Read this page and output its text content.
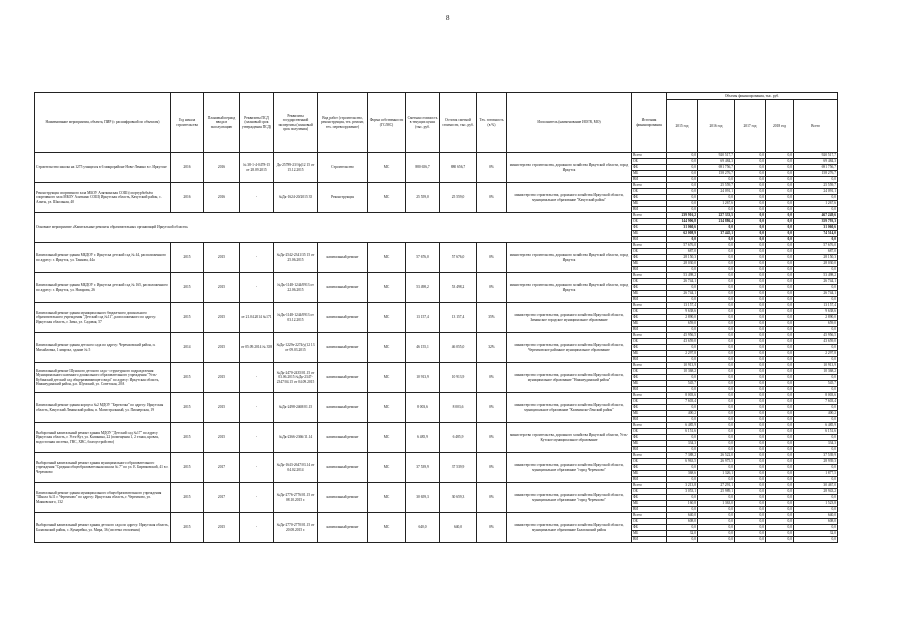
8
Наименование мероприятия, объекта, ПИР (с расшифровкой по объектам)	Год начала строительства	Плановый период ввода в эксплуатацию	Реквизиты ПСД (плановый срок утверждения ПСД)	Реквизиты государственной экспертизы (плановый срок получения)	Вид работ (строительство, реконструкция, тех. ремонт, тех. перевооружение)	Форма собственности (ГС/МС)	Сметная стоимость в текущих ценах (тыс. руб.	Остаток сметной стоимости, тыс. руб.	Тех. готовность (в %)	Исполнитель (наименование ИОГВ, МО)	Источник финансирования	Объемы финансирования, тыс. руб.				
												2015 год	2016 год	2017 год	2018 год	Всего
Строительство школы на 1275 учащихся в 6 микрорайоне Ново-Ленино в г. Иркутске	2016	2016	№ 38-1-4-0478-15 от 28.09.2015	Дк-25789-23?/ф(12 15 от 15.12.2015	Строительство	МС	880 656,7	880 656,7	0%	министерство строительства, дорожного хозяйства Иркутской области, город Иркутск	Всего	0,0	920 517,7	0,0	0,0	920 517,7
											ОБ	0,0	69 484,3	0,0	0,0	69 484,3
											ФБ	0,0	691 756,7	0,0	0,0	691 756,7
											МБ	0,0	158 276,7	0,0	0,0	158 276,7
											ВИ	0,0	0,0	0,0	0,0	0,0
Реконструкция спортивного зала МБОУ Аляткинская СОШ (спортурбобьём спортивного зала МБОУ Аляткинс СОШ) Иркутская область, Качугский район, с. Аляты, ул. Школьная, 40	2016	2016	-	№Дк-1624-20/2015 35	Реконструкция	МС	25 559,0	25 559,0	0%	министерство строительства, дорожного хозяйства Иркутской области, муниципальное образование "Качугский район"	Всего	0,0	25 559,7	0,0	0,0	25 559,7
											ОБ	0,0	24 091,1	0,0	0,0	24 091,1
											ФБ	0,0	0,0	0,0	0,0	0,0
											МБ	0,0	1 267,6	0,0	0,0	1 267,6
											ВИ	0,0	0,0	0,0	0,0	0,0
Основное мероприятие «Капитальные ремонты образовательных организаций Иркутской области»											Всего	239 916,2	227 333,5	0,0	0,0	467 249,6
											ОБ	144 906,8	214 886,4	0,0	0,0	359 793,3
											ФБ	31 060,6	0,0	0,0	0,0	31 060,6
											МБ	62 008,9	37 445,1	0,0	0,0	74 514,0
											ВИ	0,0	0,0	0,0	0,0	0,0
Капитальный ремонт здания МБДОУ г. Иркутска детский сад № 44, расположенного по адресу: г. Иркутск, ул. Танкова, 44а	2015	2015	-	№Дк-2542-2341/35 15 от 25.06.2015	капитальный ремонт	МС	57 676,0	57 676,0	0%	министерство строительства, дорожного хозяйства Иркутской области, город Иркутск	Всего	57 676,0	0,0	0,0	0,0	57 676,0
											ОБ	687,0	0,0	0,0	0,0	687,0
											ФБ	28 150,3	0,0	0,0	0,0	28 150,3
											МБ	28 030,0	0,0	0,0	0,0	28 030,0
											ВИ	0,0	0,0	0,0	0,0	0,0
Капитальный ремонт здания МБДОУ г. Иркутска детский сад № 165, расположенного по адресу: г. Иркутск, ул. Назарова, 26	2015	2015	-	№Дк-1148-1244/0913 от 22.06.2015	капитальный ремонт	МС	53 498,2	53 498,2	0%	министерство строительства, дорожного хозяйства Иркутской области, город Иркутск	Всего	53 498,2	0,0	0,0	0,0	53 498,2
											ОБ	26 744,1	0,0	0,0	0,0	26 744,1
											ФБ	0,0	0,0	0,0	0,0	0,0
											МБ	26 744,1	0,0	0,0	0,0	26 744,1
											ВИ	0,0	0,0	0,0	0,0	0,0
Капитальный ремонт здания муниципального бюджетного дошкольного образовательного учреждения "Детский сад №11", расположенного по адресу: Иркутская область, г. Зима, ул. Садовая, 57	2015	2015	от 21.04.2014 №171	№Дк-1148-1244/0913 от 03.12.2015	капитальный ремонт	МС	13 157,4	13 157,4	35%	министерство строительства, дорожного хозяйства Иркутской области, Зиминское городское муниципальное образование	Всего	13 157,4	0,0	0,0	0,0	13 157,4
											ОБ	9 638,6	0,0	0,0	0,0	9 638,6
											ФБ	2 890,0	0,0	0,0	0,0	2 890,0
											МБ	659,0	0,0	0,0	0,0	659,0
											ВИ	0,0	0,0	0,0	0,0	0,0
Капитальный ремонт здания детского сада по адресу: Черемховский район, п. Михайловка, 1 квартал, здание № 5	2014	2015	от 05.09.2014 № 358	№Дк-1229э-2274/у(12 13 от 09.03.2015	капитальный ремонт	МС	46 155,1	46 055,0	32%	министерство строительства, дорожного хозяйства Иркутской области, Черемховское районное муниципальное образование	Всего	45 956,5	0,0	0,0	0,0	45 956,5
											ОБ	43 659,0	0,0	0,0	0,0	43 659,0
											ФБ	0,0	0,0	0,0	0,0	0,0
											МБ	2 297,8	0,0	0,0	0,0	2 297,8
											ВИ	0,0	0,0	0,0	0,0	0,0
Капитальный ремонт Шунского детского сада - структурного подразделения Муниципального казенного дошкольного образовательного учреждения "Усть-Кубинский детский сад общеразвивающего вида" по адресу: Иркутская область, Нижнеудинский район, р.п. Шумский, ул. Советская, 20А	2015	2015	-	№Дк-2470-2435/01.15 от 03.06.2015 №Дк-2347-2347/04.15 от 04.09.2015	капитальный ремонт	МС	10 913,9	10 913,9	0%	министерство строительства, дорожного хозяйства Иркутской области, муниципальное образование "Нижнеудинский район"	Всего	10 913,9	0,0	0,0	0,0	10 913,9
											ОБ	10 368,2	0,0	0,0	0,0	10 368,2
											ФБ	0,0	0,0	0,0	0,0	0,0
											МБ	545,7	0,0	0,0	0,0	545,7
											ВИ	0,0	0,0	0,0	0,0	0,0
Капитальный ремонт здания корпуса №2 МДОУ "Березочка" по адресу: Иркутская область, Качугский Ленинский район, п. Магистральный, ул. Пионерская, 19	2015	2015	-	№Дк-2498-2468/01.15	капитальный ремонт	МС	8 003,6	8 003,6	0%	министерство строительства, дорожного хозяйства Иркутской области, муниципальное образование "Казачинско-Ленский район"	Всего	8 003,6	0,0	0,0	0,0	8 003,6
											ОБ	7 603,4	0,0	0,0	0,0	7 603,4
											ФБ	0,0	0,0	0,0	0,0	0,0
											МБ	400,2	0,0	0,0	0,0	400,2
											ВИ	0,0	0,0	0,0	0,0	0,0
Выборочный капитальный ремонт здания МДОУ "Детский сад №17" по адресу Иркутская область, г. Усть-Кут, ул. Калинина, 22 (помещения 1, 2 этажа, кровля, водосточная система, ГВС, ХВС, благоустройство)	2015	2015	-	№Дк-2366-2366/11.14	капитальный ремонт	МС	6 485,9	6 485,9	0%	министерство строительства, дорожного хозяйства Иркутской области, Усть-Кутское муниципальное образование	Всего	6 485,9	0,0	0,0	0,0	6 485,9
											ОБ	6 151,6	0,0	0,0	0,0	6 151,6
											ФБ	0,0	0,0	0,0	0,0	0,0
											МБ	334,3	0,0	0,0	0,0	334,3
											ВИ	0,0	0,0	0,0	0,0	0,0
Выборочный капитальный ремонт здания муниципального образовательного учреждения "Средняя общеобразовательная школа № 7" по ул. Е. Бирюковской, 41 в г. Черемхово	2015	2017	-	№Дк-1643-2647/03.14 от 04.02.2014	капитальный ремонт	МС	37 539,9	37 539,9	0%	министерство строительства, дорожного хозяйства Иркутской области, муниципальное образование "город Черемхово"	Всего	7 388,2	26 522,0	0,0	0,0	37 539,9
											ОБ	6 963,5	26 975,5	0,0	0,0	28 939,3
											ФБ	0,0	0,0	0,0	0,0	0,0
											МБ	368,6	1 326,1	0,0	0,0	1 877,5
											ВИ	0,0	0,0	0,0	0,0	0,0
Капитальный ремонт здания муниципального общеобразовательного учреждения "Школа №11 г. Черемхово" по адресу: Иркутская область, г. Черемхово, ул. Маяковского, 132	2015	2017	-	№Дк-2776-2776/01.15 от 08.10.2015 г.	капитальный ремонт	МС	30 659,3	30 659,3	0%	министерство строительства, дорожного хозяйства Иркутской области, муниципальное образование "город Черемхово"	Всего	3 213,8	27 291,1	0,0	0,0	30 467,0
											ОБ	3 053,1	25 989,1	0,0	0,0	28 943,2
											ФБ	0,0	0,0	0,0	0,0	0,0
											МБ	160,8	1 363,0	0,0	0,0	1 523,8
											ВИ	0,0	0,0	0,0	0,0	0,0
Выборочный капитальный ремонт здания детского сада по адресу: Иркутская область, Балаганский район, с. Кумарейка, ул. Мира, 36 (система отопления)	2015	2015	-	№Дк-2770-2770/01.15 от 20.08.2015 г.	капитальный ремонт	МС	640,0	640,0	0%	министерство строительства, дорожного хозяйства Иркутской области, муниципальное образование Балаганский район	Всего	640,0	0,0	0,0	0,0	640,0
											ОБ	608,0	0,0	0,0	0,0	608,0
											ФБ	0,0	0,0	0,0	0,0	0,0
											МБ	32,0	0,0	0,0	0,0	32,0
											ВИ	0,0	0,0	0,0	0,0	0,0
